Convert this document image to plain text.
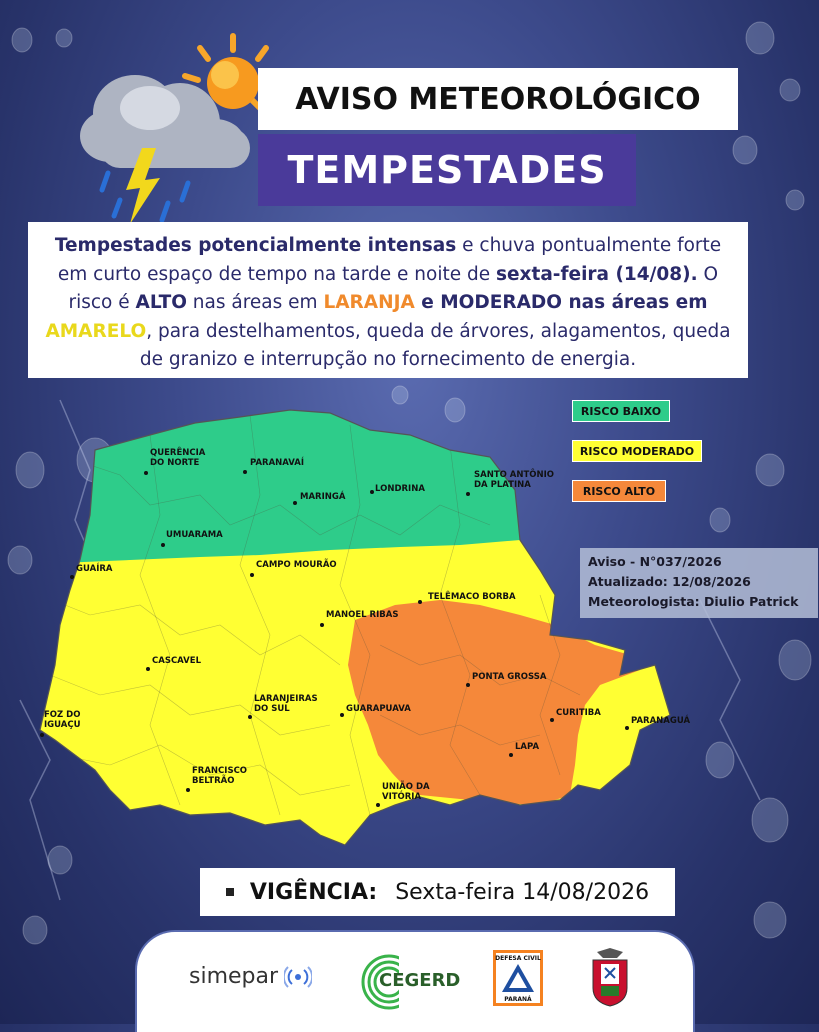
AVISO METEOROLÓGICO
TEMPESTADES
Tempestades potencialmente intensas e chuva pontualmente forte em curto espaço de tempo na tarde e noite de sexta-feira (14/08). O risco é ALTO nas áreas em LARANJA e MODERADO nas áreas em AMARELO, para destelhamentos, queda de árvores, alagamentos, queda de granizo e interrupção no fornecimento de energia.
QUERÊNCIA
DO NORTE	PARANAVAÍ
MARINGÁ
LONDRINA
SANTO ANTÔNIO
DA PLATINA
UMUARAMA
GUAÍRA	CAMPO MOURÃO
TELÊMACO BORBA
MANOEL RIBAS
CASCAVEL
PONTA GROSSA
FOZ DO
IGUAÇU
LARANJEIRAS
DO SUL	GUARAPUAVA	CURITIBA
PARANAGUÁ
LAPA
FRANCISCO
BELTRÃO
UNIÃO DA
VITÓRIA
RISCO BAIXO
RISCO MODERADO
RISCO ALTO
Aviso - N°037/2026
Atualizado: 12/08/2026
Meteorologista: Diulio Patrick
VIGÊNCIA: Sexta-feira 14/08/2026
simepar	CEGERD
DEFESA CIVIL
PARANÁ
